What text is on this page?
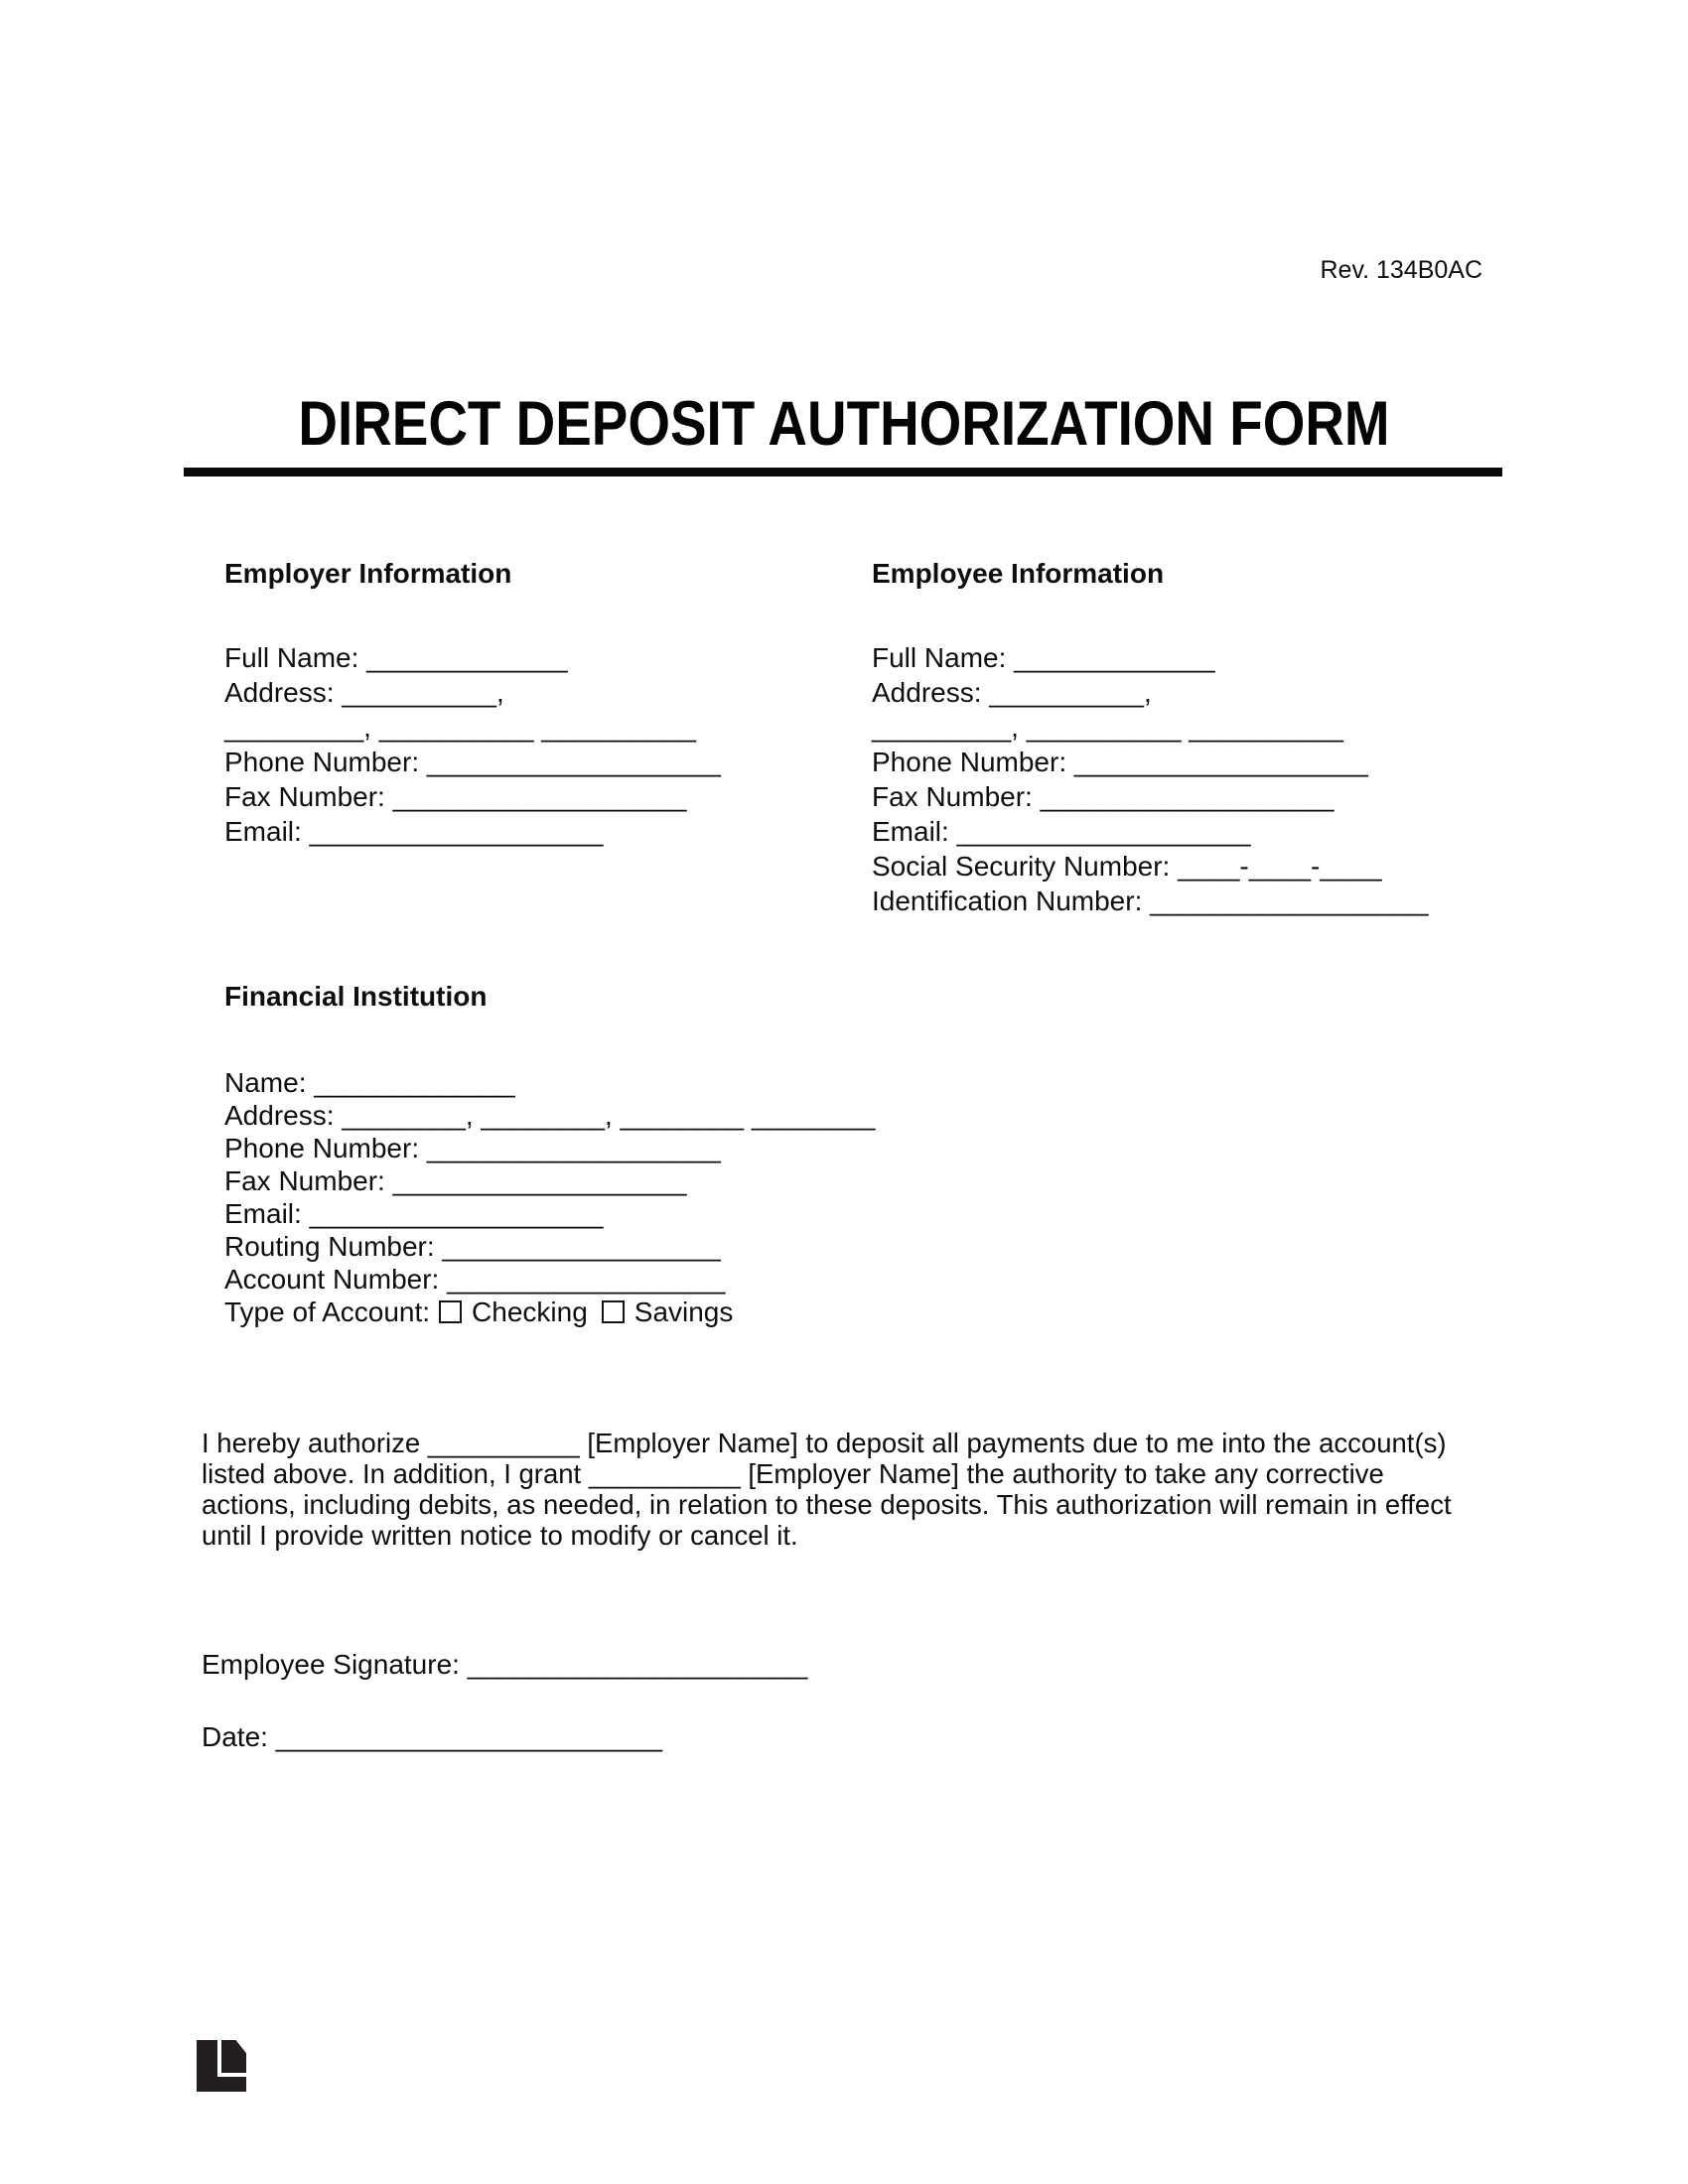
Rev. 134B0AC
DIRECT DEPOSIT AUTHORIZATION FORM
Employer Information	Employee Information
Full Name: _____________
Address: __________,
_________, __________ __________
Phone Number: ___________________
Fax Number: ___________________
Email: ___________________
Full Name: _____________
Address: __________,
_________, __________ __________
Phone Number: ___________________
Fax Number: ___________________
Email: ___________________
Social Security Number: ____-____-____
Identification Number: __________________
Financial Institution
Name: _____________
Address: ________, ________, ________ ________
Phone Number: ___________________
Fax Number: ___________________
Email: ___________________
Routing Number: __________________
Account Number: __________________
Type of Account: Checking Savings
I hereby authorize __________ [Employer Name] to deposit all payments due to me into the account(s) listed above. In addition, I grant __________ [Employer Name] the authority to take any corrective actions, including debits, as needed, in relation to these deposits. This authorization will remain in effect until I provide written notice to modify or cancel it.
Employee Signature: ______________________
Date: _________________________
